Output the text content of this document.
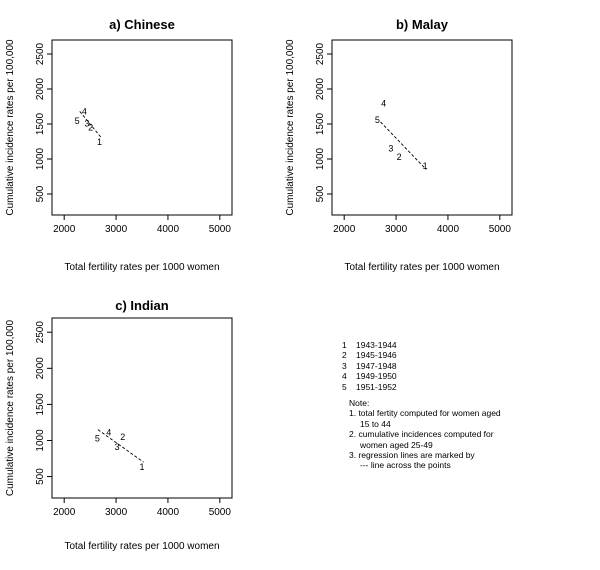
a) Chinese
2000	3000	4000	5000
500
1000
1500
2000
2500
Total fertility rates per 1000 women
Cumulative incidence rates per 100,000	1
2
3
4
5
b) Malay
2000	3000	4000	5000
500
1000
1500
2000
2500
Total fertility rates per 1000 women
Cumulative incidence rates per 100,000	1
2
3
4
5
c) Indian
2000	3000	4000	5000
500
1000
1500
2000
2500
Total fertility rates per 1000 women
Cumulative incidence rates per 100,000	1
2
3
4
5
1 1943-1944
2 1945-1946
3 1947-1948
4 1949-1950
5 1951-1952
Note:
1. total fertity computed for women aged
15 to 44
2. cumulative incidences computed for
women aged 25-49
3. regression lines are marked by
--- line across the points
